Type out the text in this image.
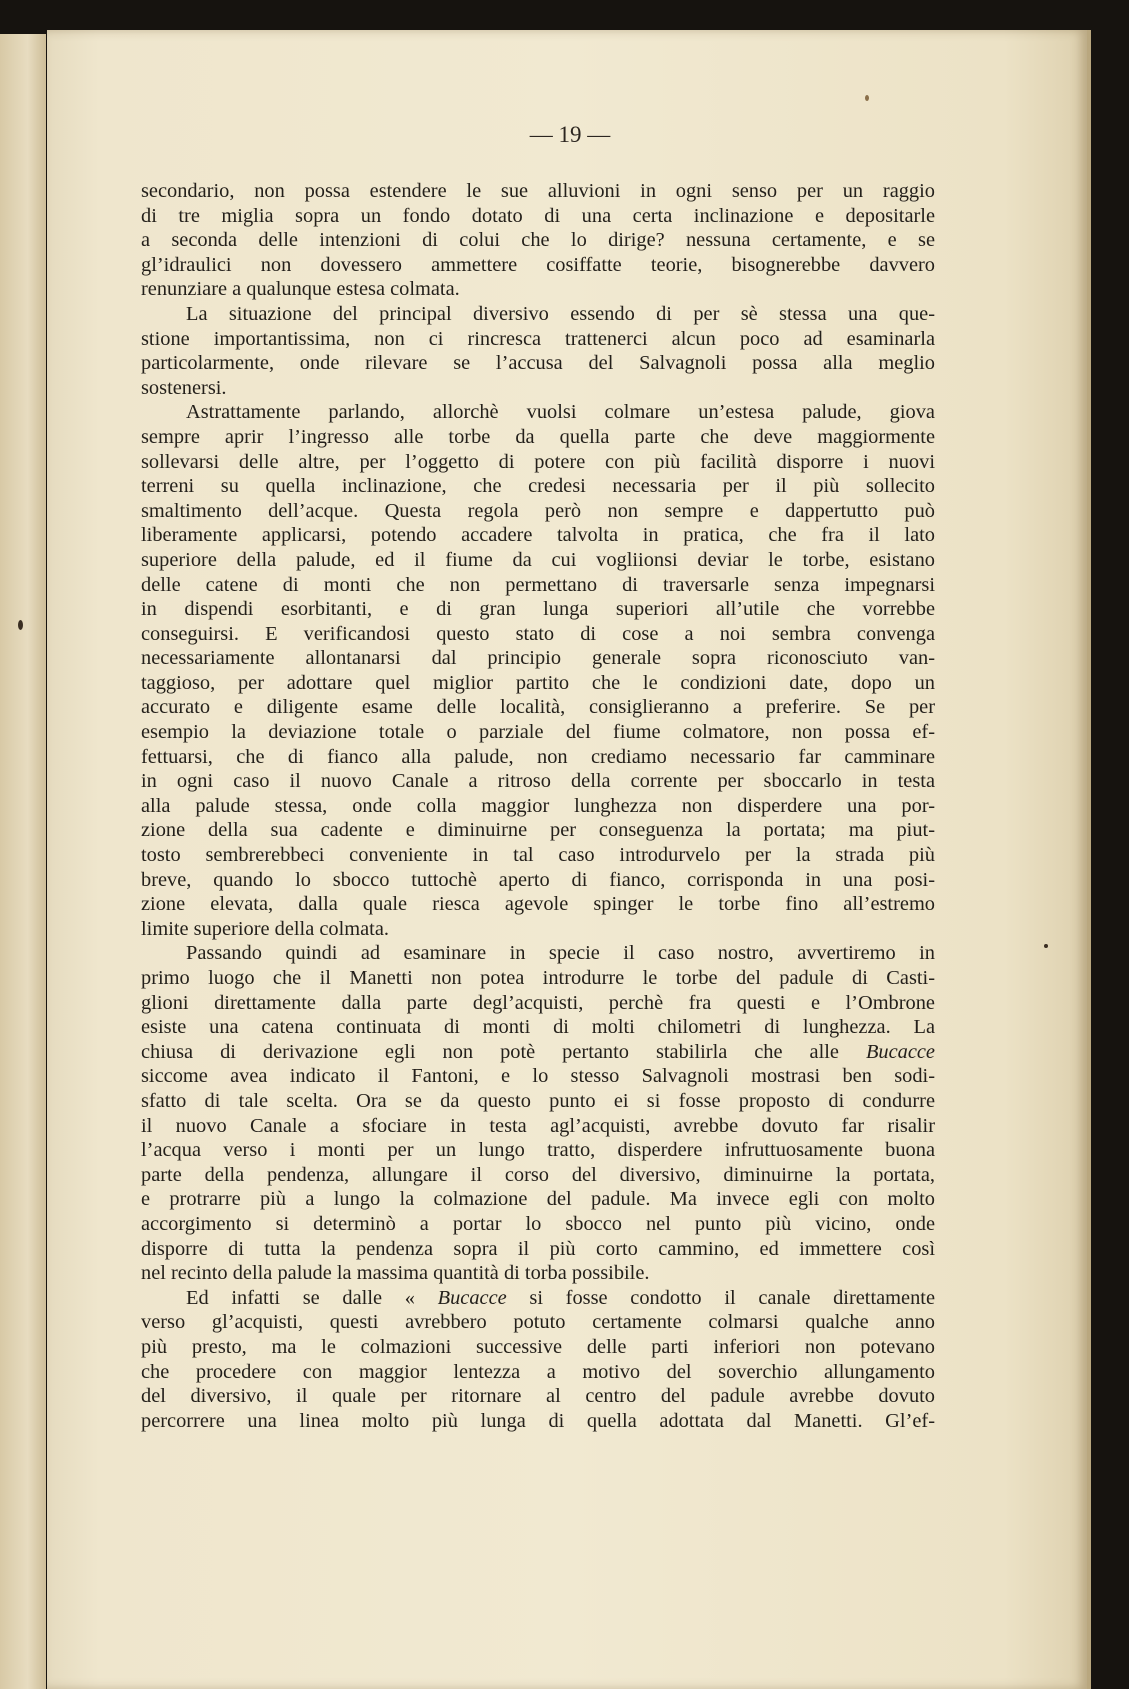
— 19 —
secondario, non possa estendere le sue alluvioni in ogni senso per un raggio
di tre miglia sopra un fondo dotato di una certa inclinazione e depositarle
a seconda delle intenzioni di colui che lo dirige? nessuna certamente, e se
gl’idraulici non dovessero ammettere cosiffatte teorie, bisognerebbe davvero
renunziare a qualunque estesa colmata.
La situazione del principal diversivo essendo di per sè stessa una que-
stione importantissima, non ci rincresca trattenerci alcun poco ad esaminarla
particolarmente, onde rilevare se l’accusa del Salvagnoli possa alla meglio
sostenersi.
Astrattamente parlando, allorchè vuolsi colmare un’estesa palude, giova
sempre aprir l’ingresso alle torbe da quella parte che deve maggiormente
sollevarsi delle altre, per l’oggetto di potere con più facilità disporre i nuovi
terreni su quella inclinazione, che credesi necessaria per il più sollecito
smaltimento dell’acque. Questa regola però non sempre e dappertutto può
liberamente applicarsi, potendo accadere talvolta in pratica, che fra il lato
superiore della palude, ed il fiume da cui vogliionsi deviar le torbe, esistano
delle catene di monti che non permettano di traversarle senza impegnarsi
in dispendi esorbitanti, e di gran lunga superiori all’utile che vorrebbe
conseguirsi. E verificandosi questo stato di cose a noi sembra convenga
necessariamente allontanarsi dal principio generale sopra riconosciuto van-
taggioso, per adottare quel miglior partito che le condizioni date, dopo un
accurato e diligente esame delle località, consiglieranno a preferire. Se per
esempio la deviazione totale o parziale del fiume colmatore, non possa ef-
fettuarsi, che di fianco alla palude, non crediamo necessario far camminare
in ogni caso il nuovo Canale a ritroso della corrente per sboccarlo in testa
alla palude stessa, onde colla maggior lunghezza non disperdere una por-
zione della sua cadente e diminuirne per conseguenza la portata; ma piut-
tosto sembrerebbeci conveniente in tal caso introdurvelo per la strada più
breve, quando lo sbocco tuttochè aperto di fianco, corrisponda in una posi-
zione elevata, dalla quale riesca agevole spinger le torbe fino all’estremo
limite superiore della colmata.
Passando quindi ad esaminare in specie il caso nostro, avvertiremo in
primo luogo che il Manetti non potea introdurre le torbe del padule di Casti-
glioni direttamente dalla parte degl’acquisti, perchè fra questi e l’Ombrone
esiste una catena continuata di monti di molti chilometri di lunghezza. La
chiusa di derivazione egli non potè pertanto stabilirla che alle Bucacce
siccome avea indicato il Fantoni, e lo stesso Salvagnoli mostrasi ben sodi-
sfatto di tale scelta. Ora se da questo punto ei si fosse proposto di condurre
il nuovo Canale a sfociare in testa agl’acquisti, avrebbe dovuto far risalir
l’acqua verso i monti per un lungo tratto, disperdere infruttuosamente buona
parte della pendenza, allungare il corso del diversivo, diminuirne la portata,
e protrarre più a lungo la colmazione del padule. Ma invece egli con molto
accorgimento si determinò a portar lo sbocco nel punto più vicino, onde
disporre di tutta la pendenza sopra il più corto cammino, ed immettere così
nel recinto della palude la massima quantità di torba possibile.
Ed infatti se dalle « Bucacce si fosse condotto il canale direttamente
verso gl’acquisti, questi avrebbero potuto certamente colmarsi qualche anno
più presto, ma le colmazioni successive delle parti inferiori non potevano
che procedere con maggior lentezza a motivo del soverchio allungamento
del diversivo, il quale per ritornare al centro del padule avrebbe dovuto
percorrere una linea molto più lunga di quella adottata dal Manetti. Gl’ef-
